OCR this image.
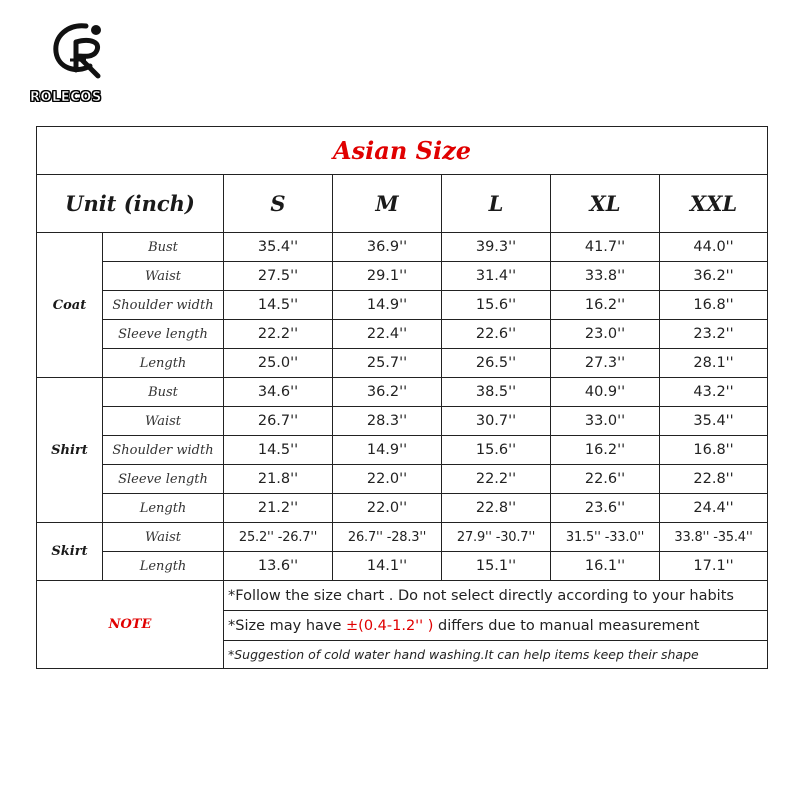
ROLECOS
Asian Size						
Unit (inch)		S	M	L	XL	XXL
Coat	Bust	35.4''	36.9''	39.3''	41.7''	44.0''
	Waist	27.5''	29.1''	31.4''	33.8''	36.2''
	Shoulder width	14.5''	14.9''	15.6''	16.2''	16.8''
	Sleeve length	22.2''	22.4''	22.6''	23.0''	23.2''
	Length	25.0''	25.7''	26.5''	27.3''	28.1''
Shirt	Bust	34.6''	36.2''	38.5''	40.9''	43.2''
	Waist	26.7''	28.3''	30.7''	33.0''	35.4''
	Shoulder width	14.5''	14.9''	15.6''	16.2''	16.8''
	Sleeve length	21.8''	22.0''	22.2''	22.6''	22.8''
	Length	21.2''	22.0''	22.8''	23.6''	24.4''
Skirt	Waist	25.2'' -26.7''	26.7'' -28.3''	27.9'' -30.7''	31.5'' -33.0''	33.8'' -35.4''
	Length	13.6''	14.1''	15.1''	16.1''	17.1''
NOTE		*Follow the size chart . Do not select directly according to your habits				
		*Size may have ±(0.4-1.2'' ) differs due to manual measurement				
		*Suggestion of cold water hand washing.It can help items keep their shape				
